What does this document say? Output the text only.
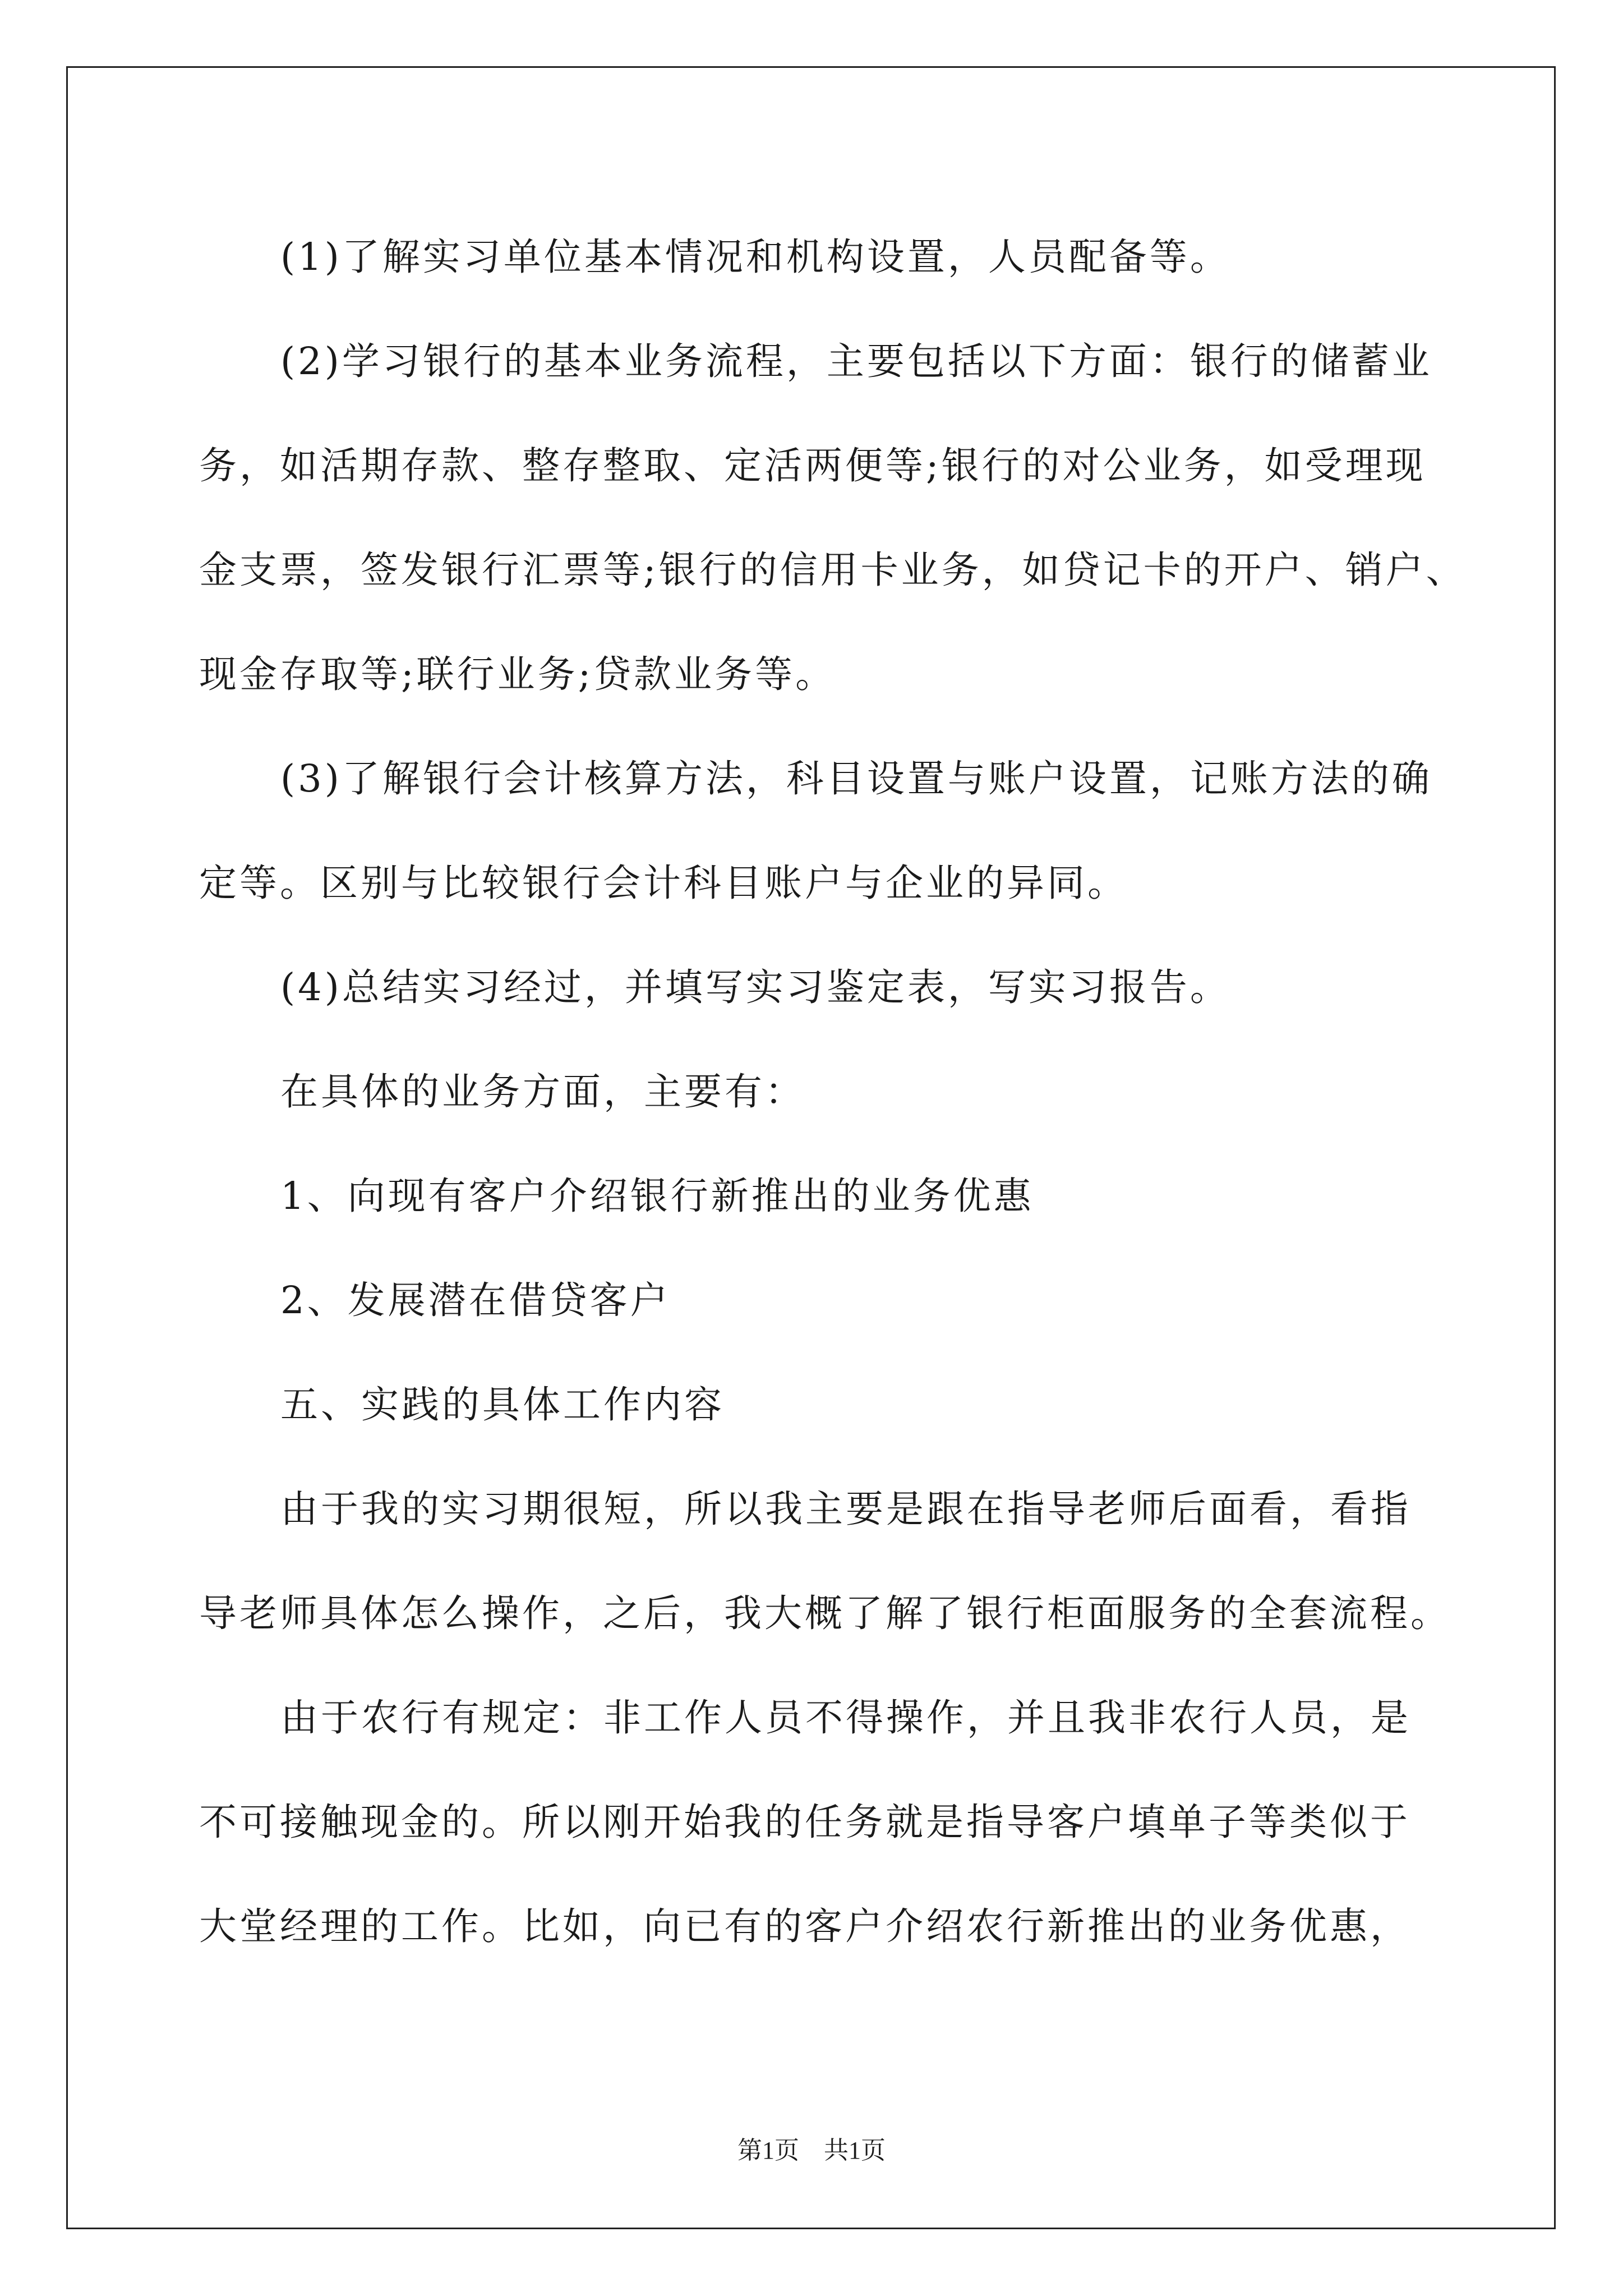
(1)了解实习单位基本情况和机构设置，人员配备等。
(2)学习银行的基本业务流程，主要包括以下方面：银行的储蓄业
务，如活期存款、整存整取、定活两便等;银行的对公业务，如受理现
金支票，签发银行汇票等;银行的信用卡业务，如贷记卡的开户、销户、
现金存取等;联行业务;贷款业务等。
(3)了解银行会计核算方法，科目设置与账户设置，记账方法的确
定等。区别与比较银行会计科目账户与企业的异同。
(4)总结实习经过，并填写实习鉴定表，写实习报告。
在具体的业务方面，主要有：
1、向现有客户介绍银行新推出的业务优惠
2、发展潜在借贷客户
五、实践的具体工作内容
由于我的实习期很短，所以我主要是跟在指导老师后面看，看指
导老师具体怎么操作，之后，我大概了解了银行柜面服务的全套流程。
由于农行有规定：非工作人员不得操作，并且我非农行人员，是
不可接触现金的。所以刚开始我的任务就是指导客户填单子等类似于
大堂经理的工作。比如，向已有的客户介绍农行新推出的业务优惠，
第1页　共1页
